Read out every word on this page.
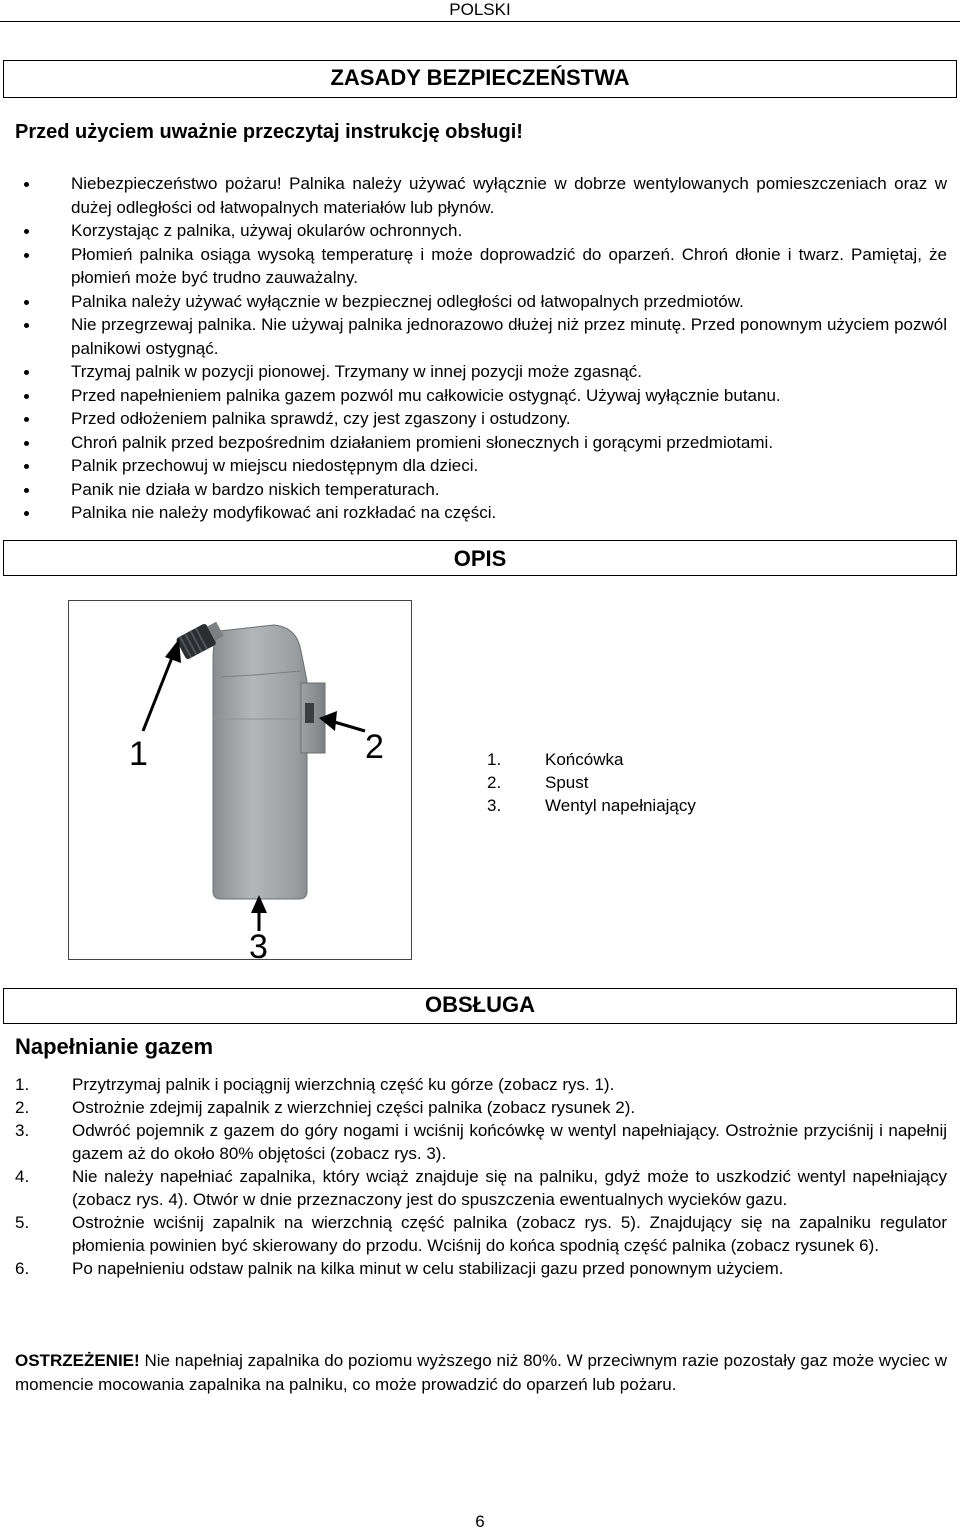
POLSKI
ZASADY BEZPIECZEŃSTWA
Przed użyciem uważnie przeczytaj instrukcję obsługi!
Niebezpieczeństwo pożaru! Palnika należy używać wyłącznie w dobrze wentylowanych pomieszczeniach oraz w dużej odległości od łatwopalnych materiałów lub płynów.
Korzystając z palnika, używaj okularów ochronnych.
Płomień palnika osiąga wysoką temperaturę i może doprowadzić do oparzeń. Chroń dłonie i twarz. Pamiętaj, że płomień może być trudno zauważalny.
Palnika należy używać wyłącznie w bezpiecznej odległości od łatwopalnych przedmiotów.
Nie przegrzewaj palnika. Nie używaj palnika jednorazowo dłużej niż przez minutę. Przed ponownym użyciem pozwól palnikowi ostygnąć.
Trzymaj palnik w pozycji pionowej. Trzymany w innej pozycji może zgasnąć.
Przed napełnieniem palnika gazem pozwól mu całkowicie ostygnąć. Używaj wyłącznie butanu.
Przed odłożeniem palnika sprawdź, czy jest zgaszony i ostudzony.
Chroń palnik przed bezpośrednim działaniem promieni słonecznych i gorącymi przedmiotami.
Palnik przechowuj w miejscu niedostępnym dla dzieci.
Panik nie działa w bardzo niskich temperaturach.
Palnika nie należy modyfikować ani rozkładać na części.
OPIS
1	2
3
1.	Końcówka
2.	Spust
3.	Wentyl napełniający
OBSŁUGA
Napełnianie gazem
1.	Przytrzymaj palnik i pociągnij wierzchnią część ku górze (zobacz rys. 1).
2.	Ostrożnie zdejmij zapalnik z wierzchniej części palnika (zobacz rysunek 2).
3.	Odwróć pojemnik z gazem do góry nogami i wciśnij końcówkę w wentyl napełniający. Ostrożnie przyciśnij i napełnij gazem aż do około 80% objętości (zobacz rys. 3).
4.	Nie należy napełniać zapalnika, który wciąż znajduje się na palniku, gdyż może to uszkodzić wentyl napełniający (zobacz rys. 4). Otwór w dnie przeznaczony jest do spuszczenia ewentualnych wycieków gazu.
5.	Ostrożnie wciśnij zapalnik na wierzchnią część palnika (zobacz rys. 5). Znajdujący się na zapalniku regulator płomienia powinien być skierowany do przodu. Wciśnij do końca spodnią część palnika (zobacz rysunek 6).
6.	Po napełnieniu odstaw palnik na kilka minut w celu stabilizacji gazu przed ponownym użyciem.

OSTRZEŻENIE! Nie napełniaj zapalnika do poziomu wyższego niż 80%. W przeciwnym razie pozostały gaz może wyciec w momencie mocowania zapalnika na palniku, co może prowadzić do oparzeń lub pożaru.

6
